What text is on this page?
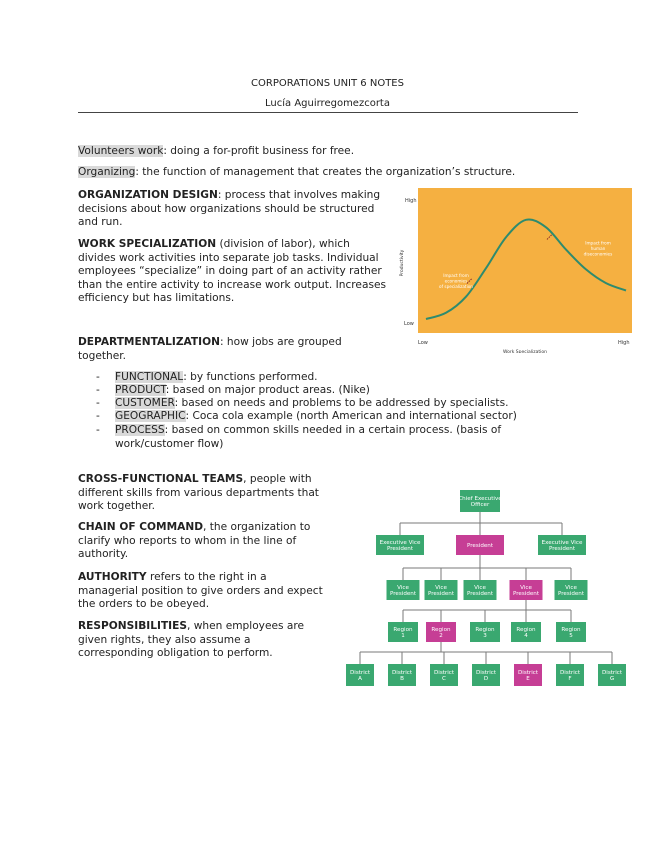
CORPORATIONS UNIT 6 NOTES
Lucía Aguirregomezcorta

Volunteers work: doing a for-profit business for free.

Organizing: the function of management that creates the organization’s structure.

ORGANIZATION DESIGN: process that involves making decisions about how organizations should be structured and run.

WORK SPECIALIZATION (division of labor), which divides work activities into separate job tasks. Individual employees “specialize” in doing part of an activity rather than the entire activity to increase work output. Increases efficiency but has limitations.

DEPARTMENTALIZATION: how jobs are grouped together.

- FUNCTIONAL: by functions performed.
- PRODUCT: based on major product areas. (Nike)
- CUSTOMER: based on needs and problems to be addressed by specialists.
- GEOGRAPHIC: Coca cola example (north American and international sector)
- PROCESS: based on common skills needed in a certain process. (basis of work/customer flow)

CROSS-FUNCTIONAL TEAMS, people with different skills from various departments that work together.

CHAIN OF COMMAND, the organization to clarify who reports to whom in the line of authority.

AUTHORITY refers to the right in a managerial position to give orders and expect the orders to be obeyed.

RESPONSIBILITIES, when employees are given rights, they also assume a corresponding obligation to perform.

Impact from economies of specialization
Impact from human diseconomies
Productivity
High
Low
Low	High
Work Specialization
Chief Executive Officer
Executive Vice President
President
Executive Vice President
Vice President
Vice President
Vice President
Vice President
Vice President
Region 1
Region 2
Region 3
Region 4
Region 5
District A
District B
District C
District D
District E
District F
District G
